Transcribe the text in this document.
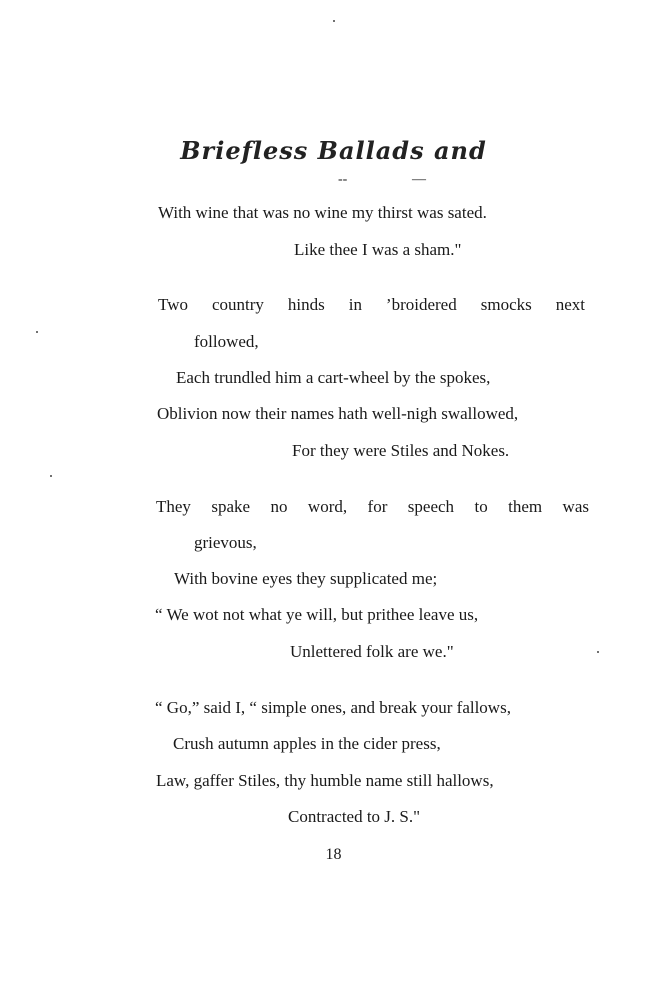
Briefless Ballads and
--	—
With wine that was no wine my thirst was sated.
Like thee I was a sham."
Two country hinds in ’broidered smocks next
followed,
Each trundled him a cart-wheel by the spokes,
Oblivion now their names hath well-nigh swallowed,
For they were Stiles and Nokes.
They spake no word, for speech to them was
grievous,
With bovine eyes they supplicated me;
“ We wot not what ye will, but prithee leave us,
Unlettered folk are we."
“ Go,” said I, “ simple ones, and break your fallows,
Crush autumn apples in the cider press,
Law, gaffer Stiles, thy humble name still hallows,
Contracted to J. S."
18
